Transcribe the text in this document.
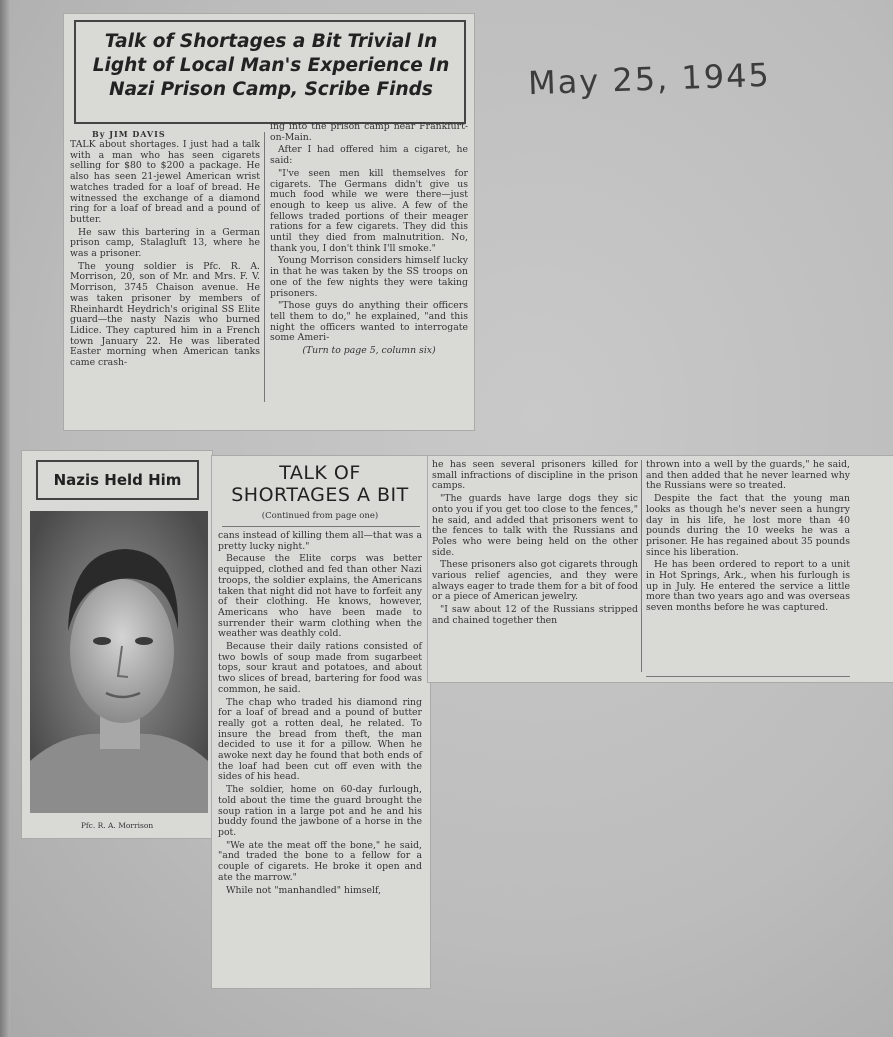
May 25, 1945
Talk of Shortages a Bit Trivial In Light of Local Man's Experience In Nazi Prison Camp, Scribe Finds
By JIM DAVIS

TALK about shortages. I just had a talk with a man who has seen cigarets selling for $80 to $200 a package. He also has seen 21-jewel American wrist watches traded for a loaf of bread. He witnessed the exchange of a diamond ring for a loaf of bread and a pound of butter.

He saw this bartering in a German prison camp, Stalagluft 13, where he was a prisoner.

The young soldier is Pfc. R. A. Morrison, 20, son of Mr. and Mrs. F. V. Morrison, 3745 Chaison avenue. He was taken prisoner by members of Rheinhardt Heydrich's original SS Elite guard—the nasty Nazis who burned Lidice. They captured him in a French town January 22. He was liberated Easter morning when American tanks came crash-

ing into the prison camp near Frankfurt-on-Main.

After I had offered him a cigaret, he said:

"I've seen men kill themselves for cigarets. The Germans didn't give us much food while we were there—just enough to keep us alive. A few of the fellows traded portions of their meager rations for a few cigarets. They did this until they died from malnutrition. No, thank you, I don't think I'll smoke."

Young Morrison considers himself lucky in that he was taken by the SS troops on one of the few nights they were taking prisoners.

"Those guys do anything their officers tell them to do," he explained, "and this night the officers wanted to interrogate some Ameri-

(Turn to page 5, column six)

Nazis Held Him
Pfc. R. A. Morrison
TALK OF SHORTAGES A BIT
(Continued from page one)

cans instead of killing them all—that was a pretty lucky night."

Because the Elite corps was better equipped, clothed and fed than other Nazi troops, the soldier explains, the Americans taken that night did not have to forfeit any of their clothing. He knows, however, Americans who have been made to surrender their warm clothing when the weather was deathly cold.

Because their daily rations consisted of two bowls of soup made from sugarbeet tops, sour kraut and potatoes, and about two slices of bread, bartering for food was common, he said.

The chap who traded his diamond ring for a loaf of bread and a pound of butter really got a rotten deal, he related. To insure the bread from theft, the man decided to use it for a pillow. When he awoke next day he found that both ends of the loaf had been cut off even with the sides of his head.

The soldier, home on 60-day furlough, told about the time the guard brought the soup ration in a large pot and he and his buddy found the jawbone of a horse in the pot.

"We ate the meat off the bone," he said, "and traded the bone to a fellow for a couple of cigarets. He broke it open and ate the marrow."

While not "manhandled" himself,

he has seen several prisoners killed for small infractions of discipline in the prison camps.

"The guards have large dogs they sic onto you if you get too close to the fences," he said, and added that prisoners went to the fences to talk with the Russians and Poles who were being held on the other side.

These prisoners also got cigarets through various relief agencies, and they were always eager to trade them for a bit of food or a piece of American jewelry.

"I saw about 12 of the Russians stripped and chained together then

thrown into a well by the guards," he said, and then added that he never learned why the Russians were so treated.

Despite the fact that the young man looks as though he's never seen a hungry day in his life, he lost more than 40 pounds during the 10 weeks he was a prisoner. He has regained about 35 pounds since his liberation.

He has been ordered to report to a unit in Hot Springs, Ark., when his furlough is up in July. He entered the service a little more than two years ago and was overseas seven months before he was captured.
